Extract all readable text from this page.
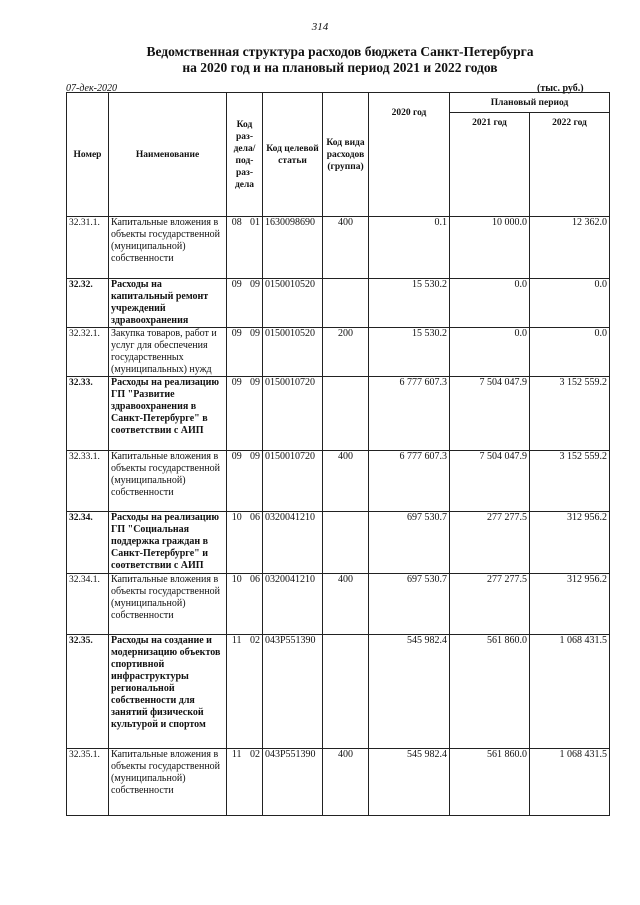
314
Ведомственная структура расходов бюджета Санкт-Петербурга
на 2020 год и на плановый период 2021 и 2022 годов
07-дек-2020	(тыс. руб.)
Номер	Наименование	Код раз- дела/ под- раз- дела		Код целевой статьи	Код вида расходов (группа)	2020 год	Плановый период	
							2021 год	2022 год
32.31.1.	Капитальные вложения в объекты государственной (муниципальной) собственности	08	01	1630098690	400	0.1	10 000.0	12 362.0
32.32.	Расходы на капитальный ремонт учреждений здравоохранения	09	09	0150010520		15 530.2	0.0	0.0
32.32.1.	Закупка товаров, работ и услуг для обеспечения государственных (муниципальных) нужд	09	09	0150010520	200	15 530.2	0.0	0.0
32.33.	Расходы на реализацию ГП "Развитие здравоохранения в Санкт-Петербурге" в соответствии с АИП	09	09	0150010720		6 777 607.3	7 504 047.9	3 152 559.2
32.33.1.	Капитальные вложения в объекты государственной (муниципальной) собственности	09	09	0150010720	400	6 777 607.3	7 504 047.9	3 152 559.2
32.34.	Расходы на реализацию ГП "Социальная поддержка граждан в Санкт-Петербурге" и соответствии с АИП	10	06	0320041210		697 530.7	277 277.5	312 956.2
32.34.1.	Капитальные вложения в объекты государственной (муниципальной) собственности	10	06	0320041210	400	697 530.7	277 277.5	312 956.2
32.35.	Расходы на создание и модернизацию объектов спортивной инфраструктуры региональной собственности для занятий физической культурой и спортом	11	02	043P551390		545 982.4	561 860.0	1 068 431.5
32.35.1.	Капитальные вложения в объекты государственной (муниципальной) собственности	11	02	043P551390	400	545 982.4	561 860.0	1 068 431.5
